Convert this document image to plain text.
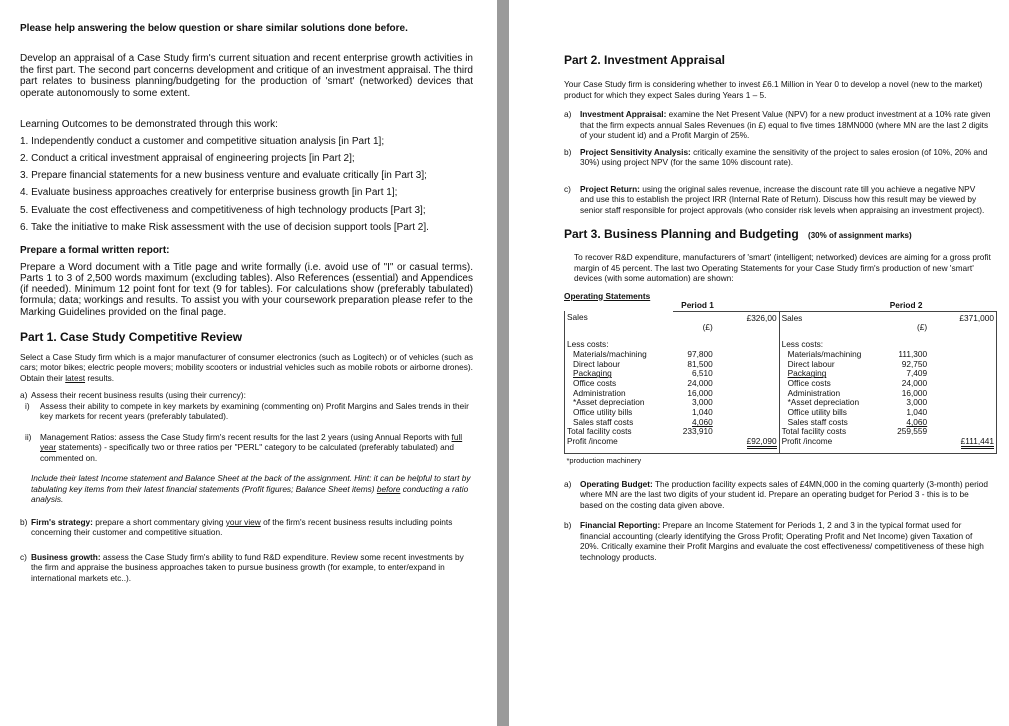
Please help answering the below question or share similar solutions done before.

Develop an appraisal of a Case Study firm's current situation and recent enterprise growth activities in the first part. The second part concerns development and critique of an investment appraisal. The third part relates to business planning/budgeting for the production of 'smart' (networked) devices that operate autonomously to some extent.

Learning Outcomes to be demonstrated through this work:

1. Independently conduct a customer and competitive situation analysis [in Part 1];
2. Conduct a critical investment appraisal of engineering projects [in Part 2];
3. Prepare financial statements for a new business venture and evaluate critically [in Part 3];
4. Evaluate business approaches creatively for enterprise business growth [in Part 1];
5. Evaluate the cost effectiveness and competitiveness of high technology products [Part 3];
6. Take the initiative to make Risk assessment with the use of decision support tools [Part 2].

Prepare a formal written report:

Prepare a Word document with a Title page and write formally (i.e. avoid use of "I" or casual terms). Parts 1 to 3 of 2,500 words maximum (excluding tables). Also References (essential) and Appendices (if needed). Minimum 12 point font for text (9 for tables). For calculations show (preferably tabulated) formula; data; workings and results. To assist you with your coursework preparation please refer to the Marking Guidelines provided on the final page.

Part 1. Case Study Competitive Review

Select a Case Study firm which is a major manufacturer of consumer electronics (such as Logitech) or of vehicles (such as cars; motor bikes; electric people movers; mobility scooters or industrial vehicles such as mobile robots or airborne drones). Obtain their latest results.

a) Assess their recent business results (using their currency):
i) Assess their ability to compete in key markets by examining (commenting on) Profit Margins and Sales trends in their key markets for recent years (preferably tabulated).
ii) Management Ratios: assess the Case Study firm's recent results for the last 2 years (using Annual Reports with full year statements) - specifically two or three ratios per "PERL" category to be calculated (preferably tabulated) and commented on.

Include their latest Income statement and Balance Sheet at the back of the assignment. Hint: it can be helpful to start by tabulating key items from their latest financial statements (Profit figures; Balance Sheet items) before conducting a ratio analysis.

b) Firm's strategy: prepare a short commentary giving your view of the firm's recent business results including points concerning their customer and competitive situation.
c) Business growth: assess the Case Study firm's ability to fund R&D expenditure. Review some recent investments by the firm and appraise the business approaches taken to pursue business growth (for example, to enter/expand in international markets etc..).

Part 2. Investment Appraisal

Your Case Study firm is considering whether to invest £6.1 Million in Year 0 to develop a novel (new to the market) product for which they expect Sales during Years 1 – 5.

a) Investment Appraisal: examine the Net Present Value (NPV) for a new product investment at a 10% rate given that the firm expects annual Sales Revenues (in £) equal to five times 18MN000 (where MN are the last 2 digits of your student id) and a Profit Margin of 25%.
b) Project Sensitivity Analysis: critically examine the sensitivity of the project to sales erosion (of 10%, 20% and 30%) using project NPV (for the same 10% discount rate).
c) Project Return: using the original sales revenue, increase the discount rate till you achieve a negative NPV and use this to establish the project IRR (Internal Rate of Return). Discuss how this result may be viewed by senior staff responsible for project approvals (who consider risk levels when appraising an investment project).

Part 3. Business Planning and Budgeting (30% of assignment marks)

To recover R&D expenditure, manufacturers of 'smart' (intelligent; networked) devices are aiming for a gross profit margin of 45 percent. The last two Operating Statements for your Case Study firm's production of new 'smart' devices (with some automation) are shown:

Operating Statements

	Period 1			Period 2	
Sales		£326,00	Sales		£371,000
	(£)			(£)	
Less costs:			Less costs:		
Materials/machining	97,800		Materials/machining	111,300	
Direct labour	81,500		Direct labour	92,750	
Packaging	6,510		Packaging	7,409	
Office costs	24,000		Office costs	24,000	
Administration	16,000		Administration	16,000	
*Asset depreciation	3,000		*Asset depreciation	3,000	
Office utility bills	1,040		Office utility bills	1,040	
Sales staff costs	4,060		Sales staff costs	4,060	
Total facility costs	233,910		Total facility costs	259,559	
Profit /income		£92,090	Profit /income		£111,441
*production machinery					
a) Operating Budget: The production facility expects sales of £4MN,000 in the coming quarterly (3-month) period where MN are the last two digits of your student id. Prepare an operating budget for Period 3 - this is to be based on the costing data given above.
b) Financial Reporting: Prepare an Income Statement for Periods 1, 2 and 3 in the typical format used for financial accounting (clearly identifying the Gross Profit; Operating Profit and Net Income) given Taxation of 20%. Critically examine their Profit Margins and evaluate the cost effectiveness/ competitiveness of these high technology products.
